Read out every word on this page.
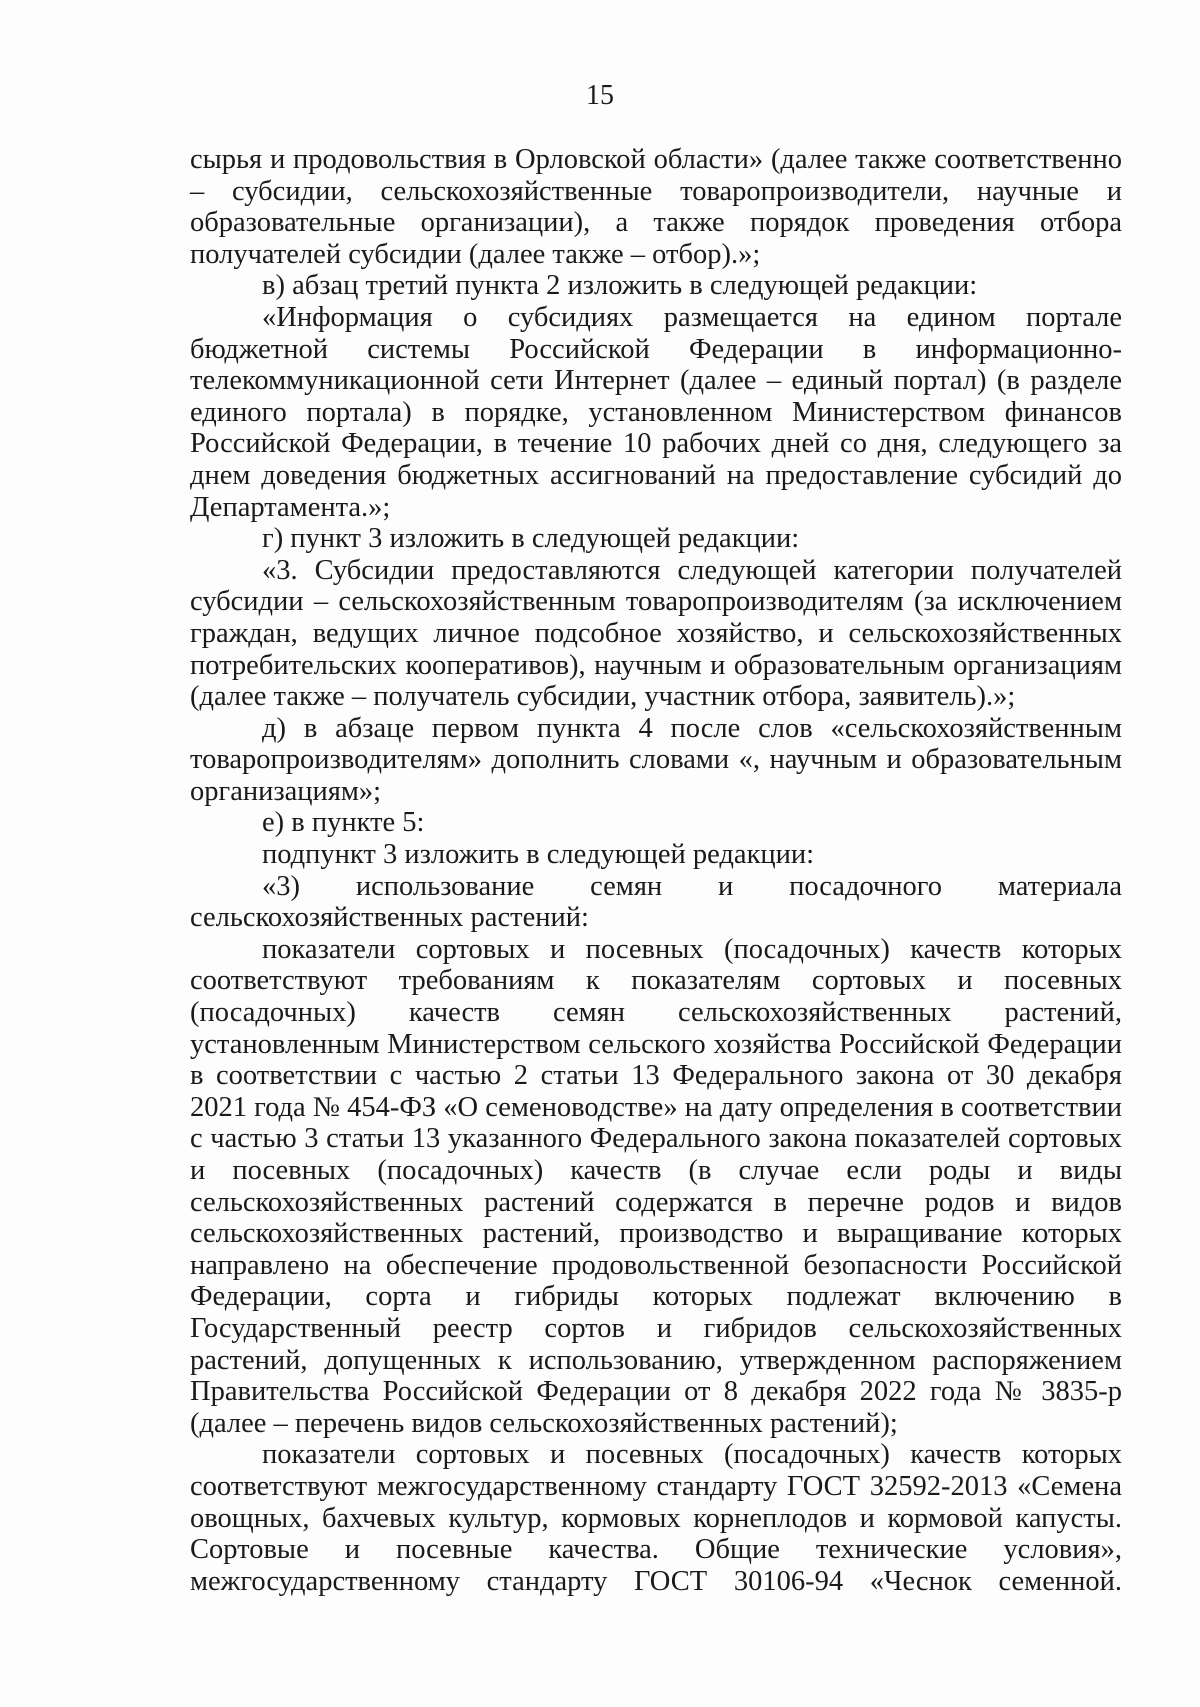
15

сырья и продовольствия в Орловской области» (далее также соответственно – субсидии, сельскохозяйственные товаропроизводители, научные и образовательные организации), а также порядок проведения отбора получателей субсидии (далее также – отбор).»;

в) абзац третий пункта 2 изложить в следующей редакции:

«Информация о субсидиях размещается на едином портале бюджетной системы Российской Федерации в информационно-телекоммуникационной сети Интернет (далее – единый портал) (в разделе единого портала) в порядке, установленном Министерством финансов Российской Федерации, в течение 10 рабочих дней со дня, следующего за днем доведения бюджетных ассигнований на предоставление субсидий до Департамента.»;

г) пункт 3 изложить в следующей редакции:

«3. Субсидии предоставляются следующей категории получателей субсидии – сельскохозяйственным товаропроизводителям (за исключением граждан, ведущих личное подсобное хозяйство, и сельскохозяйственных потребительских кооперативов), научным и образовательным организациям (далее также – получатель субсидии, участник отбора, заявитель).»;

д) в абзаце первом пункта 4 после слов «сельскохозяйственным товаропроизводителям» дополнить словами «, научным и образовательным организациям»;

е) в пункте 5:

подпункт 3 изложить в следующей редакции:

«3) использование семян и посадочного материала сельскохозяйственных растений:

показатели сортовых и посевных (посадочных) качеств которых соответствуют требованиям к показателям сортовых и посевных (посадочных) качеств семян сельскохозяйственных растений, установленным Министерством сельского хозяйства Российской Федерации в соответствии с частью 2 статьи 13 Федерального закона от 30 декабря 2021 года № 454-ФЗ «О семеноводстве» на дату определения в соответствии с частью 3 статьи 13 указанного Федерального закона показателей сортовых и посевных (посадочных) качеств (в случае если роды и виды сельскохозяйственных растений содержатся в перечне родов и видов сельскохозяйственных растений, производство и выращивание которых направлено на обеспечение продовольственной безопасности Российской Федерации, сорта и гибриды которых подлежат включению в Государственный реестр сортов и гибридов сельскохозяйственных растений, допущенных к использованию, утвержденном распоряжением Правительства Российской Федерации от 8 декабря 2022 года № 3835-р (далее – перечень видов сельскохозяйственных растений);

показатели сортовых и посевных (посадочных) качеств которых соответствуют межгосударственному стандарту ГОСТ 32592-2013 «Семена овощных, бахчевых культур, кормовых корнеплодов и кормовой капусты. Сортовые и посевные качества. Общие технические условия», межгосударственному стандарту ГОСТ 30106-94 «Чеснок семенной.
